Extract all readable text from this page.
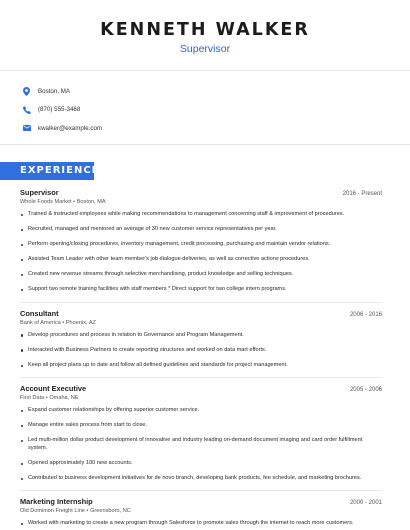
KENNETH WALKER
Supervisor
Boston, MA
(870) 555-3468
kwalker@example.com
EXPERIENCE
Supervisor	2016 - Present
Whole Foods Market • Boston, MA
Trained & instructed employees while making recommendations to management concerning staff & improvement of procedures.
Recruited, managed and mentored an average of 30 new customer service representatives per year.
Perform opening/closing procedures, inventory management, credit processing, purchasing and maintain vendor relations.
Assisted Team Leader with other team member's job dialogue deliveries, as well as corrective actions procedures.
Created new revenue streams through selective merchandising, product knowledge and selling techniques.
Support two remote training facilities with staff members * Direct support for two college intern programs.
Consultant	2006 - 2016
Bank of America • Phoenix, AZ
Develop procedures and process in relation to Governance and Program Management.
Interacted with Business Partners to create reporting structures and worked on data mart efforts.
Keep all project plans up to date and follow all defined guidelines and standards for project management.
Account Executive	2005 - 2006
First Data • Omaha, NE
Expand customer relationships by offering superior customer service.
Manage entire sales process from start to close.
Led multi-million dollar product development of innovative and industry leading on-demand document imaging and card order fulfillment system.
Opened approximately 100 new accounts.
Contributed to business development initiatives for de novo branch, developing bank products, fee schedule, and marketing brochures.
Marketing Internship	2000 - 2001
Old Dominion Freight Line • Greensboro, NC
Worked with marketing to create a new program through Salesforce to promote sales through the internet to reach more customers.
